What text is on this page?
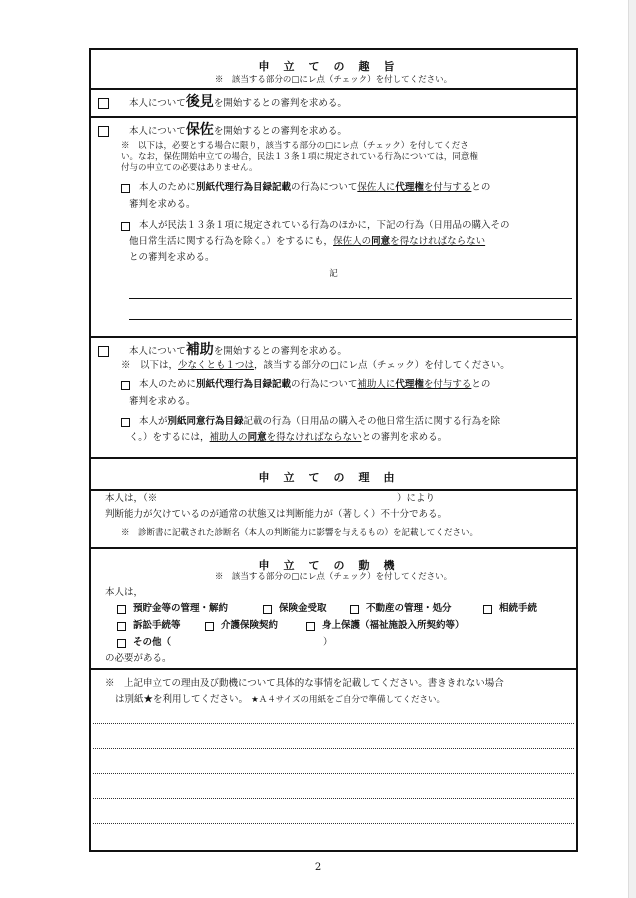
申立ての趣旨
※　該当する部分の□にレ点（チェック）を付してください。
本人について後見を開始するとの審判を求める。
本人について保佐を開始するとの審判を求める。
※　以下は，必要とする場合に限り，該当する部分の□にレ点（チェック）を付してくださ
い。なお，保佐開始申立ての場合，民法１３条１項に規定されている行為については，同意権
付与の申立ての必要はありません。
本人のために別紙代理行為目録記載の行為について保佐人に代理権を付与するとの
審判を求める。
本人が民法１３条１項に規定されている行為のほかに，下記の行為（日用品の購入その
他日常生活に関する行為を除く。）をするにも，保佐人の同意を得なければならない
との審判を求める。
記
本人について補助を開始するとの審判を求める。
※　以下は，少なくとも１つは，該当する部分の□にレ点（チェック）を付してください。
本人のために別紙代理行為目録記載の行為について補助人に代理権を付与するとの
審判を求める。
本人が別紙同意行為目録記載の行為（日用品の購入その他日常生活に関する行為を除
く。）をするには，補助人の同意を得なければならないとの審判を求める。
申立ての理由
本人は，（※	）により
判断能力が欠けているのが通常の状態又は判断能力が（著しく）不十分である。
※　診断書に記載された診断名（本人の判断能力に影響を与えるもの）を記載してください。
申立ての動機
※　該当する部分の□にレ点（チェック）を付してください。
本人は，
預貯金等の管理・解約	保険金受取	不動産の管理・処分	相続手続
訴訟手続等	介護保険契約	身上保護（福祉施設入所契約等）
その他（	）
の必要がある。
※　上記申立ての理由及び動機について具体的な事情を記載してください。書ききれない場合
は別紙★を利用してください。 ★Ａ４サイズの用紙をご自分で準備してください。
2
